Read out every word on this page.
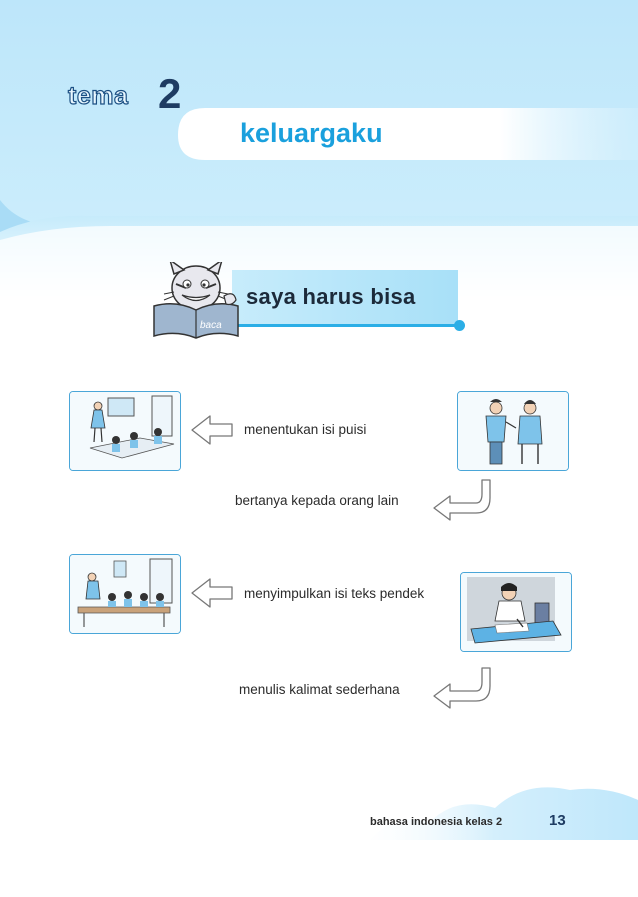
tema 2
keluargaku
saya harus bisa
baca
menentukan isi puisi
bertanya kepada orang lain
menyimpulkan isi teks pendek
menulis kalimat sederhana
bahasa indonesia kelas 2	13
